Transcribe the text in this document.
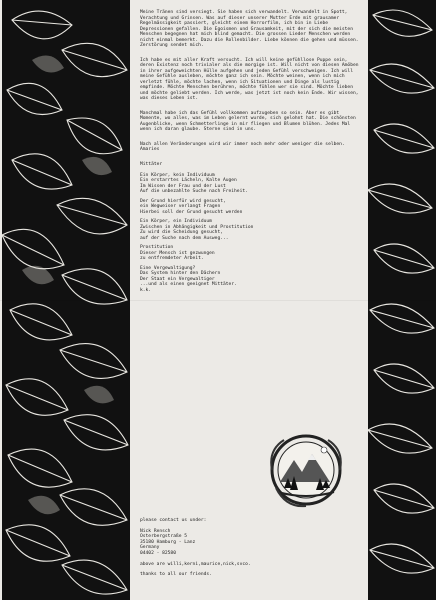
Meine Tränen sind versiegt. Sie haben sich verwandelt. Verwandelt in Spott, Verachtung und Grinsen. Was auf dieser unserer Mutter Erde mit grausamer Regelmässigkeit passiert, gleicht einem Horrorfilm, ich bin in Liebe Depressionen gefallen. Die Egoismen und Grausamkeit, mit der sich die meisten Menschen begegnen hat mich blind gemacht. Die grossen Lieder Menschen werden nicht einmal bemerkt. Dazu die Rollenbilder. Liebe können die gehen und müssen. Zerstörung sendet mich.

Ich habe es mit aller Kraft versucht. Ich will keine gefühllose Puppe sein, deren Existenz noch trivialer als die morgige ist. Will nicht von diesen Amöben in ihrer aufgeweichten Hülle aufgehen und jeden Gefühl verschweigen. Ich will meine Gefühle ausleben, möchte ganz ich sein. Möchte weinen, wenn ich mich verletzt fühle, möchte lachen, wenn ich Situationen und Dinge als lustig empfinde. Möchte Menschen berühren, möchte fühlen wer sie sind. Möchte lieben und möchte geliebt werden. Ich werde, was jetzt ist noch kein Ende. Wir wissen, was dieses Leben ist.

Manchmal habe ich das Gefühl vollkommen aufzugeben so sein. Aber es gibt Momente, wo alles, was im Leben gelernt wurde, sich gelohnt hat. Die schönsten Augenblicke, wenn Schmetterlinge in mir fliegen und Blumen blühen. Jedes Mal wenn ich daran glaube. Sterne sind in uns.

Nach allen Veränderungen wird wir immer noch mehr oder weniger die selben. Amaries

Mittäter

Ein Körper, kein Individuum
Ein erstarrtes Lächeln, Kalte Augen
Im Wissen der Frau und der Lust
Auf die unbezahlte Suche nach Freiheit.
Der Grund hierfür wird gesucht,
ein Wegweiser verlangt Fragen
Hierbei soll der Grund gesucht werden
Ein Körper, ein Individuum
Zwischen in Abhängigkeit und Prostitution
Zu wird die Scheidung gesucht,
auf der Suche nach dem Ausweg...
Prostitution
Dieser Mensch ist gezwungen
zu entfremdeter Arbeit.
Eine Vergewaltigung?
Das System hinter den Dächern
Der Staat ein Vergewaltiger
...und als einen geeignet Mittäter.
k.k.
please contact us under:
Nick Rensch
Osterbergstraße 5
35180 Hamburg - Lanz
Germany
04402 - 82580
above are willi,kerni,maurice,nick,svco.
thanks to all our friends.
